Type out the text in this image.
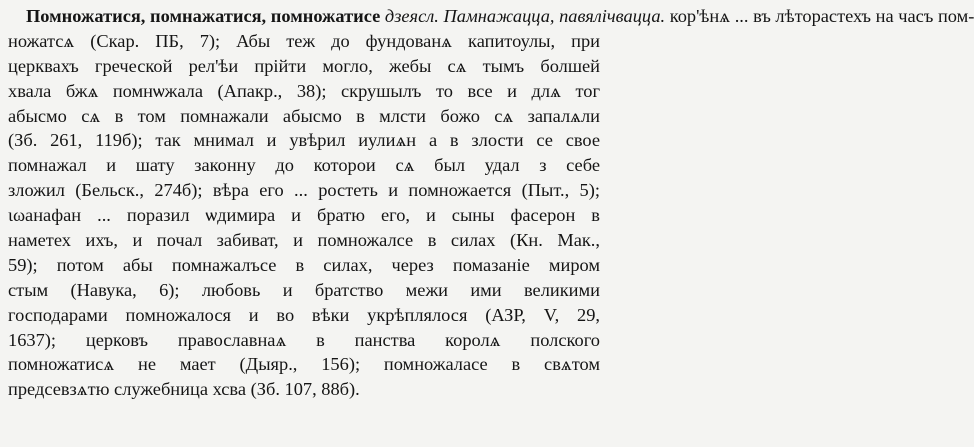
Помножатися, помнажатися, помножатисе дзеясл. Памнажацца, павялічвацца. кор'ѣнѧ ... въ лѣторастехъ на часъ пом-
ножатсѧ (Скар. ПБ, 7); Абы теж до фундованѧ капитоулы, при
церквахъ греческой рел'ѣи прійти могло, жебы сѧ тымъ болшей
хвала бжѧ помнѡжала (Апакр., 38); скрушылъ то все и длѧ тог
абысмо сѧ в том помнажали абысмо в млсти божо сѧ запалѧли
(Зб. 261, 119б); так мнимал и увѣрил иулиѧн а в злости се свое
помнажал и шату законну до которои сѧ был удал з себе
зложил (Бельск., 274б); вѣра его ... ростеть и помножается (Пыт., 5);
ιωанафан ... поразил ѡдимира и братю его, и сыны фасерон в
наметех ихъ, и почал забиват, и помножалсе в силах (Кн. Мак.,
59); потом абы помнажалъсе в силах, через помазаніе миром
стым (Навука, 6); любовь и братство межи ими великими
господарами помножалося и во вѣки укрѣплялося (АЗР, V, 29,
1637); церковъ православнаѧ в панства королѧ полского
помножатисѧ не мает (Дыяр., 156); помножаласе в свѧтом
предсевзѧтю служебница хсва (Зб. 107, 88б).
